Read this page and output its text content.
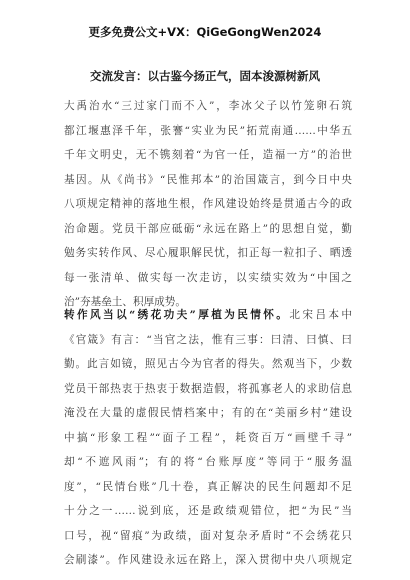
更多免费公文+VX：QiGeGongWen2024
交流发言：以古鉴今扬正气，固本浚源树新风
大禹治水“三过家门而不入”，李冰父子以竹笼卵石筑
都江堰惠泽千年，张謇“实业为民”拓荒南通……中华五
千年文明史，无不镌刻着“为官一任，造福一方”的治世
基因。从《尚书》“民惟邦本”的治国箴言，到今日中央
八项规定精神的落地生根，作风建设始终是贯通古今的政
治命题。党员干部应砥砺“永远在路上”的思想自觉，勤
勉务实转作风、尽心履职解民忧，扣正每一粒扣子、晒透
每一张清单、做实每一次走访，以实绩实效为“中国之
治”夯基垒土、积厚成势。
转作风当以“绣花功夫”厚植为民情怀。北宋吕本中
《官箴》有言：“当官之法，惟有三事：曰清、曰慎、曰
勤。此言如镜，照见古今为官者的得失。然观当下，少数
党员干部热衷于热衷于数据造假，将孤寡老人的求助信息
淹没在大量的虚假民情档案中；有的在“美丽乡村”建设
中搞“形象工程”“面子工程”，耗资百万“画壁千寻”
却“不遮风雨”；有的将“台账厚度”等同于“服务温
度”，“民情台账”几十卷，真正解决的民生问题却不足
十分之一……说到底，还是政绩观错位，把“为民”当
口号，视“留痕”为政绩，面对复杂矛盾时“不会绣花只
会刷漆”。作风建设永远在路上，深入贯彻中央八项规定
